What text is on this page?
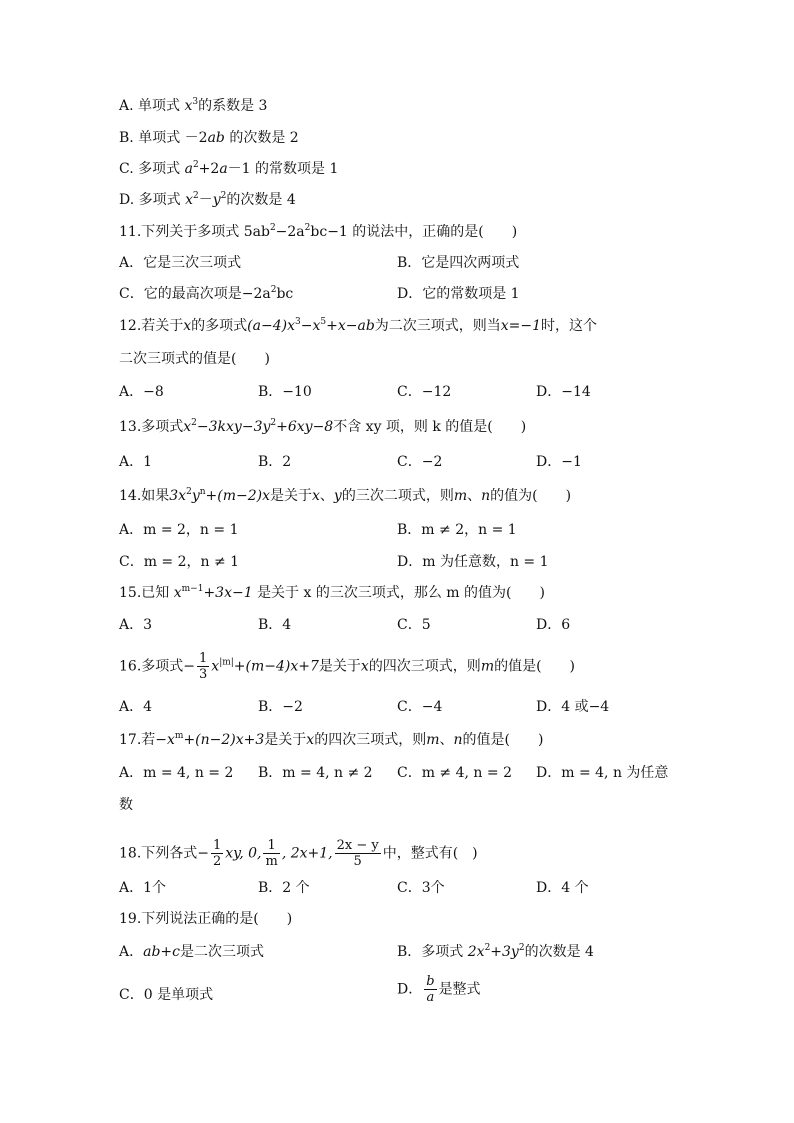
A. 单项式 $x^3$的系数是 3
B. 单项式 －2ab 的次数是 2
C. 多项式 $a^2+2a-1$ 的常数项是 1
D. 多项式 $x^2-y^2$的次数是 4
11.下列关于多项式 $5ab^2-2a^2bc-1$ 的说法中，正确的是(　　)
A．它是三次三项式	B．它是四次两项式
C．它的最高次项是$-2a^2bc$	D．它的常数项是 1
12.若关于x的多项式$(a-4)x^3-x^5+x-ab$为二次三项式，则当x=−1时，这个
二次三项式的值是(　　)
A．−8	B．−10	C．−12	D．−14
13.多项式$x^2-3kxy-3y^2+6xy-8$不含 xy 项，则 k 的值是(　　)
A．1	B．2	C．−2	D．−1
14.如果$3x^2y^n+(m-2)x$是关于x、y的三次二项式，则m、n的值为(　　)
A．m = 2，n = 1	B．m ≠ 2，n = 1
C．m = 2，n ≠ 1	D．m 为任意数，n = 1
15.已知 $x^{m-1}+3x-1$ 是关于 x 的三次三项式，那么 m 的值为(　　)
A．3	B．4	C．5	D．6
16.多项式− $\frac{1}{3} x^{|m|}+(m-4)x+7$是关于x的四次三项式，则m的值是(　　)
A．4	B．−2	C．−4	D．4 或−4
17.若$-x^m+(n-2)x+3$是关于x的四次三项式，则m、n的值是(　　)
A．m = 4, n = 2 B．m = 4, n ≠ 2 C．m ≠ 4, n = 2 D．m = 4, n 为任意
数
18.下列各式− $\frac{1}{2}$ xy, 0, $\frac{1}{m}$ , 2x+1, $\frac{2x - y}{5}$ 中，整式有(　)
A．1个	B．2 个	C．3个	D．4 个
19.下列说法正确的是(　　)
A．ab+c是二次三项式	B．多项式 $2x^2+3y^2$的次数是 4
C．0 是单项式	D． $\frac{b}{a}$ 是整式
